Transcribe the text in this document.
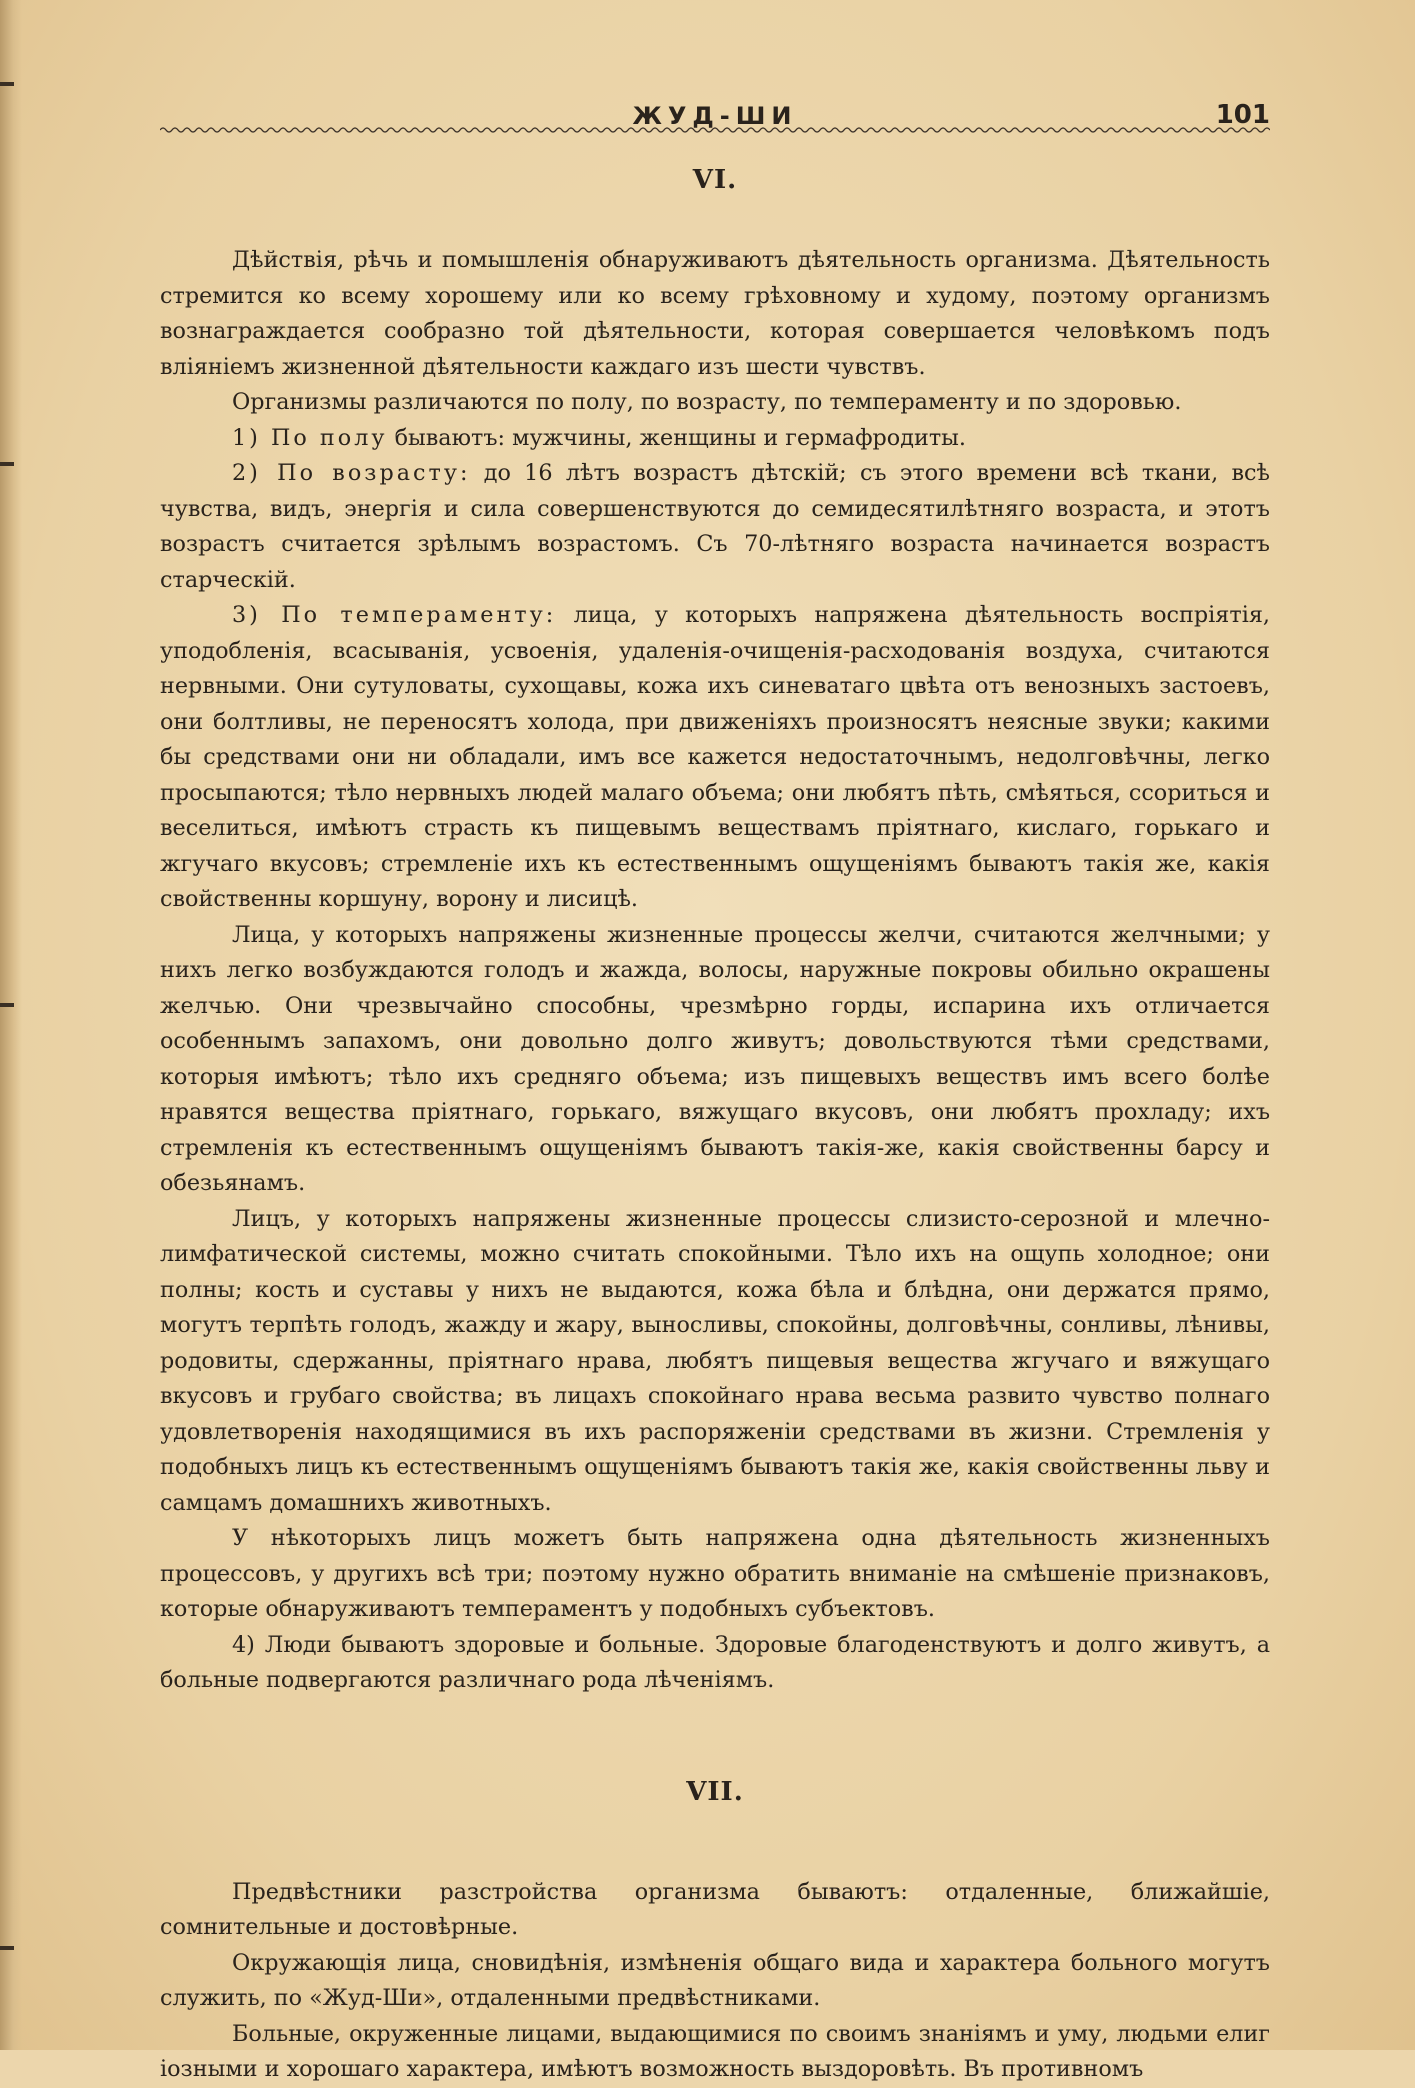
ЖУД-ШИ	101
VI.

Дѣйствія, рѣчь и помышленія обнаруживаютъ дѣятельность организма. Дѣятельность стремится ко всему хорошему или ко всему грѣховному и худому, поэтому организмъ вознаграждается сообразно той дѣятельности, которая совершается человѣкомъ подъ вліяніемъ жизненной дѣятельности каждаго изъ шести чувствъ.

Организмы различаются по полу, по возрасту, по темпераменту и по здоровью.

1) По полу бываютъ: мужчины, женщины и гермафродиты.

2) По возрасту: до 16 лѣтъ возрастъ дѣтскій; съ этого времени всѣ ткани, всѣ чувства, видъ, энергія и сила совершенствуются до семидесятилѣтняго возраста, и этотъ возрастъ считается зрѣлымъ возрастомъ. Съ 70-лѣтняго возраста начинается возрастъ старческій.

3) По темпераменту: лица, у которыхъ напряжена дѣятельность воспріятія, уподобленія, всасыванія, усвоенія, удаленія-очищенія-расходованія воздуха, считаются нервными. Они сутуловаты, сухощавы, кожа ихъ синеватаго цвѣта отъ венозныхъ застоевъ, они болтливы, не переносятъ холода, при движеніяхъ произносятъ неясные звуки; какими бы средствами они ни обладали, имъ все кажется недостаточнымъ, недолговѣчны, легко просыпаются; тѣло нервныхъ людей малаго объема; они любятъ пѣть, смѣяться, ссориться и веселиться, имѣютъ страсть къ пищевымъ веществамъ пріятнаго, кислаго, горькаго и жгучаго вкусовъ; стремленіе ихъ къ естественнымъ ощущеніямъ бываютъ такія же, какія свойственны коршуну, ворону и лисицѣ.

Лица, у которыхъ напряжены жизненные процессы желчи, считаются желчными; у нихъ легко возбуждаются голодъ и жажда, волосы, наружные покровы обильно окрашены желчью. Они чрезвычайно способны, чрезмѣрно горды, испарина ихъ отличается особеннымъ запахомъ, они довольно долго живутъ; довольствуются тѣми средствами, которыя имѣютъ; тѣло ихъ средняго объема; изъ пищевыхъ веществъ имъ всего болѣе нравятся вещества пріятнаго, горькаго, вяжущаго вкусовъ, они любятъ прохладу; ихъ стремленія къ естественнымъ ощущеніямъ бываютъ такія-же, какія свойственны барсу и обезьянамъ.

Лицъ, у которыхъ напряжены жизненные процессы слизисто-серозной и млечно-лимфатической системы, можно считать спокойными. Тѣло ихъ на ощупь холодное; они полны; кость и суставы у нихъ не выдаются, кожа бѣла и блѣдна, они держатся прямо, могутъ терпѣть голодъ, жажду и жару, выносливы, спокойны, долговѣчны, сонливы, лѣнивы, родовиты, сдержанны, пріятнаго нрава, любятъ пищевыя вещества жгучаго и вяжущаго вкусовъ и грубаго свойства; въ лицахъ спокойнаго нрава весьма развито чувство полнаго удовлетворенія находящимися въ ихъ распоряженіи средствами въ жизни. Стремленія у подобныхъ лицъ къ естественнымъ ощущеніямъ бываютъ такія же, какія свойственны льву и самцамъ домашнихъ животныхъ.

У нѣкоторыхъ лицъ можетъ быть напряжена одна дѣятельность жизненныхъ процессовъ, у другихъ всѣ три; поэтому нужно обратить вниманіе на смѣшеніе признаковъ, которые обнаруживаютъ темпераментъ у подобныхъ субъектовъ.

4) Люди бываютъ здоровые и больные. Здоровые благоденствуютъ и долго живутъ, а больные подвергаются различнаго рода лѣченіямъ.

VII.

Предвѣстники разстройства организма бываютъ: отдаленные, ближайшіе, сомнительные и достовѣрные.

Окружающія лица, сновидѣнія, измѣненія общаго вида и характера больного могутъ служить, по «Жуд-Ши», отдаленными предвѣстниками.

Больные, окруженные лицами, выдающимися по своимъ знаніямъ и уму, людьми елиг іозными и хорошаго характера, имѣютъ возможность выздоровѣть. Въ противномъ
